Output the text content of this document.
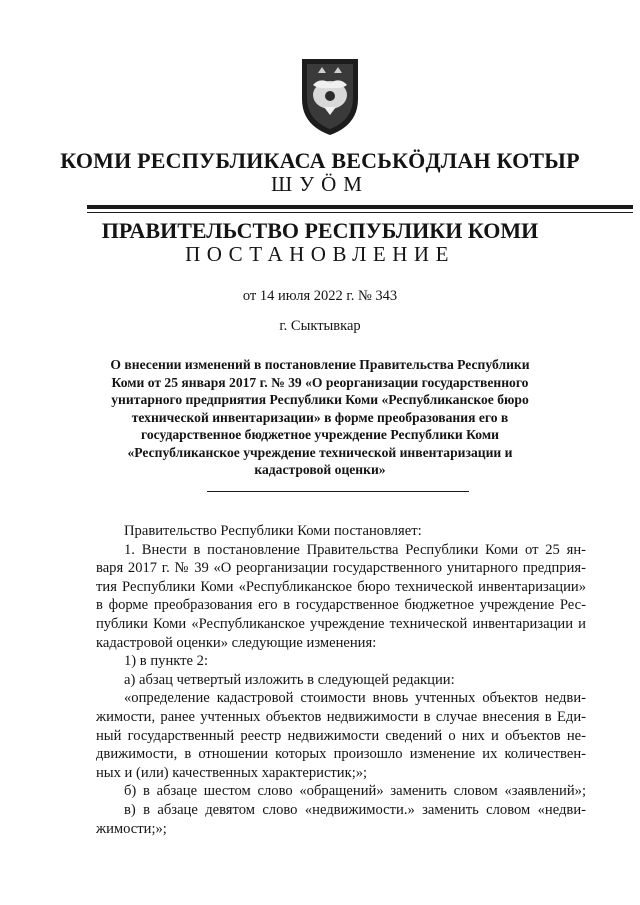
КОМИ РЕСПУБЛИКАСА ВЕСЬКÖДЛАН КОТЫР
ШУÖМ
ПРАВИТЕЛЬСТВО РЕСПУБЛИКИ КОМИ
ПОСТАНОВЛЕНИЕ
от 14 июля 2022 г. № 343
г. Сыктывкар
О внесении изменений в постановление Правительства Республики
Коми от 25 января 2017 г. № 39 «О реорганизации государственного
унитарного предприятия Республики Коми «Республиканское бюро
технической инвентаризации» в форме преобразования его в
государственное бюджетное учреждение Республики Коми
«Республиканское учреждение технической инвентаризации и
кадастровой оценки»
Правительство Республики Коми постановляет:
1. Внести в постановление Правительства Республики Коми от 25 ян-
варя 2017 г. № 39 «О реорганизации государственного унитарного предприя-
тия Республики Коми «Республиканское бюро технической инвентаризации»
в форме преобразования его в государственное бюджетное учреждение Рес-
публики Коми «Республиканское учреждение технической инвентаризации и
кадастровой оценки» следующие изменения:
1) в пункте 2:
а) абзац четвертый изложить в следующей редакции:
«определение кадастровой стоимости вновь учтенных объектов недви-
жимости, ранее учтенных объектов недвижимости в случае внесения в Еди-
ный государственный реестр недвижимости сведений о них и объектов не-
движимости, в отношении которых произошло изменение их количествен-
ных и (или) качественных характеристик;»;
б) в абзаце шестом слово «обращений» заменить словом «заявлений»;
в) в абзаце девятом слово «недвижимости.» заменить словом «недви-
жимости;»;
